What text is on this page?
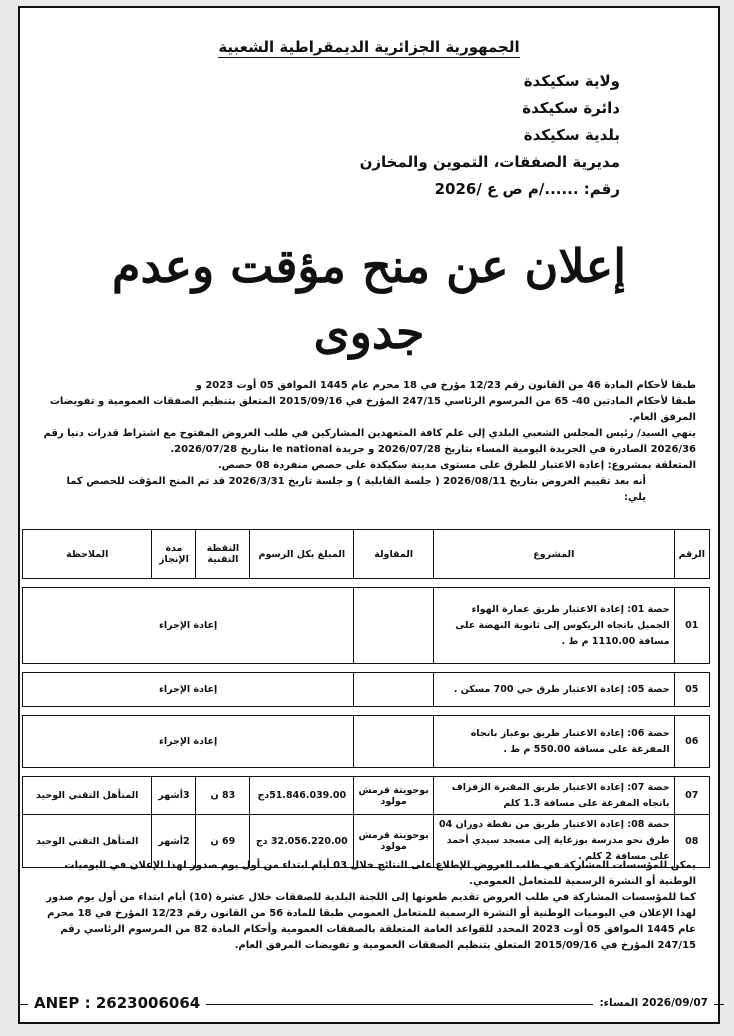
الجمهورية الجزائرية الديمقراطية الشعبية
ولاية سكيكدة
دائرة سكيكدة
بلدية سكيكدة
مديرية الصفقات، التموين والمخازن
رقم: ....../م ص ع /2026
إعلان عن منح مؤقت وعدم
جدوى

طبقا لأحكام المادة 46 من القانون رقم 12/23 مؤرخ في 18 محرم عام 1445 الموافق 05 أوت 2023 و

طبقا لأحكام المادتين 40- 65 من المرسوم الرئاسي 247/15 المؤرخ في 2015/09/16 المتعلق بتنظيم الصفقات العمومية و تفويضات المرفق العام.

ينهي السيد/ رئيس المجلس الشعبي البلدي إلى علم كافة المتعهدين المشاركين في طلب العروض المفتوح مع اشتراط قدرات دنيا رقم 2026/36 الصادرة في الجريدة اليومية المساء بتاريخ 2026/07/28 و جريدة le national بتاريخ 2026/07/28.

المتعلقة بمشروع: إعادة الاعتبار للطرق على مستوى مدينة سكيكدة على حصص منفردة 08 حصص.

أنه بعد تقييم العروض بتاريخ 2026/08/11 ( جلسة القابلية ) و جلسة تاريخ 2026/3/31 قد تم المنح المؤقت للحصص كما يلي:

الرقم	المشروع	المقاولة	المبلغ بكل الرسوم	النقطة التقنية	مدة الإنجاز	الملاحظة

01	حصة 01: إعادة الاعتبار طريق عمارة الهواء الجميل باتجاه الريكوس إلى ثانوية النهضة على مسافة 1110.00 م ط .		إعادة الإجراء			

05	حصة 05: إعادة الاعتبار طرق حي 700 مسكن .		إعادة الإجراء			

06	حصة 06: إعادة الاعتبار طريق بوعباز باتجاه المفرغة على مسافة 550.00 م ط .		إعادة الإجراء			

07	حصة 07: إعادة الاعتبار طريق المقبرة الزفزاف باتجاه المفرغة على مسافة 1.3 كلم	بوحويتة قرمش مولود	51.846.039.00دج	83 ن	3أشهر	المتأهل التقني الوحيد
08	حصة 08: إعادة الاعتبار طريق من نقطة دوران 04 طرق نحو مدرسة بوزغاية إلى مسجد سيدي أحمد على مسافة 2 كلم .	بوحويتة قرمش مولود	32.056.220.00 دج	69 ن	2أشهر	المتأهل التقني الوحيد

يمكن للمؤسسات المشاركة في طلب العروض الإطلاع على النتائج خلال 03 أيام ابتداء من أول يوم صدور لهذا الإعلان في اليوميات الوطنية أو النشرة الرسمية للمتعامل العمومي.

كما للمؤسسات المشاركة في طلب العروض تقديم طعونها إلى اللجنة البلدية للصفقات خلال عشرة (10) أيام ابتداء من أول يوم صدور لهذا الإعلان في اليوميات الوطنية أو النشرة الرسمية للمتعامل العمومي طبقا للمادة 56 من القانون رقم 12/23 المؤرخ في 18 محرم عام 1445 الموافق 05 أوت 2023 المحدد للقواعد العامة المتعلقة بالصفقات العمومية وأحكام المادة 82 من المرسوم الرئاسي رقم 247/15 المؤرخ في 2015/09/16 المتعلق بتنظيم الصفقات العمومية و تفويضات المرفق العام.

ANEP : 2623006064	2026/09/07 المساء:
